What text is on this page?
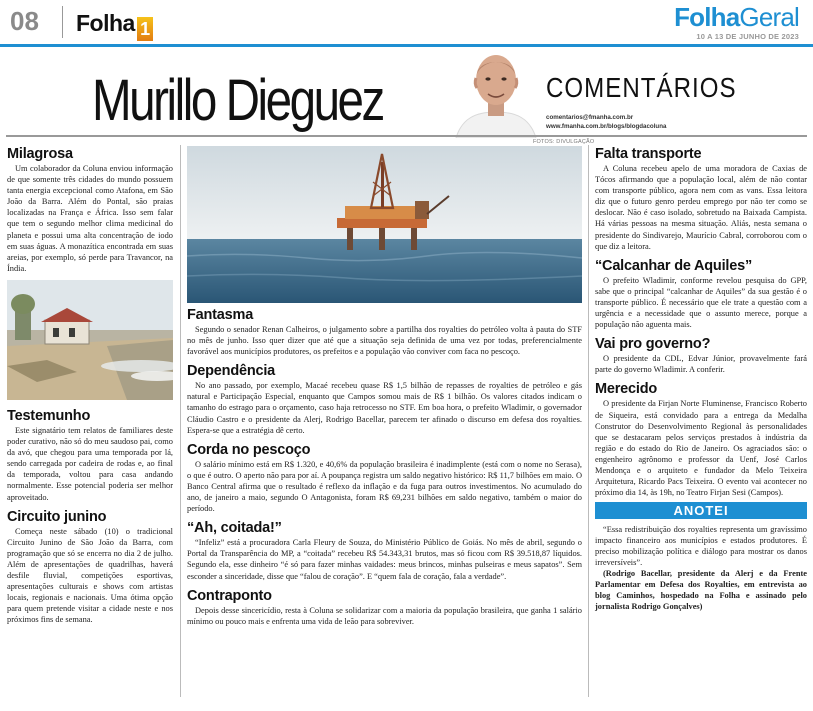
08 Folha 1	FolhaGeral
10 A 13 DE JUNHO DE 2023
Murillo Dieguez	COMENTÁRIOS
comentarios@fmanha.com.br
www.fmanha.com.br/blogs/blogdacoluna
FOTOS: DIVULGAÇÃO
Milagrosa

Um colaborador da Coluna enviou informação de que somente três cidades do mundo possuem tanta energia excepcional como Atafona, em São João da Barra. Além do Pontal, são praias localizadas na França e África. Isso sem falar que tem o segundo melhor clima medicinal do planeta e possui uma alta concentração de iodo em suas águas. A monazítica encontrada em suas areias, por exemplo, só perde para Travancor, na Índia.

Testemunho

Este signatário tem relatos de familiares deste poder curativo, não só do meu saudoso pai, como da avó, que chegou para uma temporada por lá, sendo carregada por cadeira de rodas e, ao final da temporada, voltou para casa andando normalmente. Esse potencial poderia ser melhor aproveitado.

Circuito junino

Começa neste sábado (10) o tradicional Circuito Junino de São João da Barra, com programação que só se encerra no dia 2 de julho. Além de apresentações de quadrilhas, haverá desfile fluvial, competições esportivas, apresentações culturais e shows com artistas locais, regionais e nacionais. Uma ótima opção para quem pretende visitar a cidade neste e nos próximos fins de semana.

Fantasma

Segundo o senador Renan Calheiros, o julgamento sobre a partilha dos royalties do petróleo volta à pauta do STF no mês de junho. Isso quer dizer que até que a situação seja definida de uma vez por todas, preferencialmente favorável aos municípios produtores, os prefeitos e a população vão conviver com faca no pescoço.

Dependência

No ano passado, por exemplo, Macaé recebeu quase R$ 1,5 bilhão de repasses de royalties de petróleo e gás natural e Participação Especial, enquanto que Campos somou mais de R$ 1 bilhão. Os valores citados indicam o tamanho do estrago para o orçamento, caso haja retrocesso no STF. Em boa hora, o prefeito Wladimir, o governador Cláudio Castro e o presidente da Alerj, Rodrigo Bacellar, parecem ter afinado o discurso em defesa dos royalties. Espera-se que a estratégia dê certo.

Corda no pescoço

O salário mínimo está em R$ 1.320, e 40,6% da população brasileira é inadimplente (está com o nome no Serasa), o que é outro. O aperto não para por aí. A poupança registra um saldo negativo histórico: R$ 11,7 bilhões em maio. O Banco Central afirma que o resultado é reflexo da inflação e da fuga para outros investimentos. No acumulado do ano, de janeiro a maio, segundo O Antagonista, foram R$ 69,231 bilhões em saldo negativo, também o maior do período.

“Ah, coitada!”

“Infeliz” está a procuradora Carla Fleury de Souza, do Ministério Público de Goiás. No mês de abril, segundo o Portal da Transparência do MP, a “coitada” recebeu R$ 54.343,31 brutos, mas só ficou com R$ 39.518,87 líquidos. Segundo ela, esse dinheiro “é só para fazer minhas vaidades: meus brincos, minhas pulseiras e meus sapatos”. Sem esconder a sinceridade, disse que “falou de coração”. E “quem fala de coração, fala a verdade”.

Contraponto

Depois desse sincericídio, resta à Coluna se solidarizar com a maioria da população brasileira, que ganha 1 salário mínimo ou pouco mais e enfrenta uma vida de leão para sobreviver.

Falta transporte

A Coluna recebeu apelo de uma moradora de Caxias de Tócos afirmando que a população local, além de não contar com transporte público, agora nem com as vans. Essa leitora diz que o futuro genro perdeu emprego por não ter como se deslocar. Não é caso isolado, sobretudo na Baixada Campista. Há várias pessoas na mesma situação. Aliás, nesta semana o presidente do Sindivarejo, Maurício Cabral, corroborou com o que diz a leitora.

“Calcanhar de Aquiles”

O prefeito Wladimir, conforme revelou pesquisa do GPP, sabe que o principal “calcanhar de Aquiles” da sua gestão é o transporte público. É necessário que ele trate a questão com a urgência e a necessidade que o assunto merece, porque a população não aguenta mais.

Vai pro governo?

O presidente da CDL, Edvar Júnior, provavelmente fará parte do governo Wladimir. A conferir.

Merecido

O presidente da Firjan Norte Fluminense, Francisco Roberto de Siqueira, está convidado para a entrega da Medalha Construtor do Desenvolvimento Regional às personalidades que se destacaram pelos serviços prestados à indústria da região e do estado do Rio de Janeiro. Os agraciados são: o engenheiro agrônomo e professor da Uenf, José Carlos Mendonça e o arquiteto e fundador da Melo Teixeira Arquitetura, Ricardo Pacs Teixeira. O evento vai acontecer no próximo dia 14, às 19h, no Teatro Firjan Sesi (Campos).

ANOTEI

“Essa redistribuição dos royalties representa um gravíssimo impacto financeiro aos municípios e estados produtores. É preciso mobilização política e diálogo para mostrar os danos irreversíveis”.

(Rodrigo Bacellar, presidente da Alerj e da Frente Parlamentar em Defesa dos Royalties, em entrevista ao blog Caminhos, hospedado na Folha e assinado pelo jornalista Rodrigo Gonçalves)
